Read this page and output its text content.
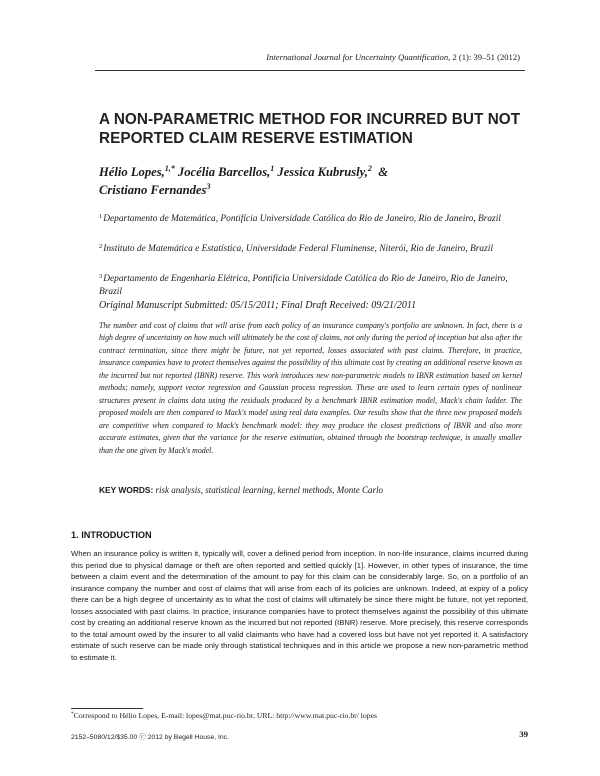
International Journal for Uncertainty Quantification, 2 (1): 39–51 (2012)
A NON-PARAMETRIC METHOD FOR INCURRED BUT NOT REPORTED CLAIM RESERVE ESTIMATION
Hélio Lopes,$^{1,*}$ Jocélia Barcellos,$^1$ Jessica Kubrusly,$^2$ &
Cristiano Fernandes$^3$
$^1$Departamento de Matemática, Pontifícia Universidade Católica do Rio de Janeiro, Rio de Janeiro, Brazil
$^2$Instituto de Matemática e Estatística, Universidade Federal Fluminense, Niterói, Rio de Janeiro, Brazil
$^3$Departamento de Engenharia Elétrica, Pontifícia Universidade Católica do Rio de Janeiro, Rio de Janeiro, Brazil
Original Manuscript Submitted: 05/15/2011; Final Draft Received: 09/21/2011
The number and cost of claims that will arise from each policy of an insurance company's portfolio are unknown. In fact, there is a high degree of uncertainty on how much will ultimately be the cost of claims, not only during the period of inception but also after the contract termination, since there might be future, not yet reported, losses associated with past claims. Therefore, in practice, insurance companies have to protect themselves against the possibility of this ultimate cost by creating an additional reserve known as the incurred but not reported (IBNR) reserve. This work introduces new non-parametric models to IBNR estimation based on kernel methods; namely, support vector regression and Gaussian process regression. These are used to learn certain types of nonlinear structures present in claims data using the residuals produced by a benchmark IBNR estimation model, Mack's chain ladder. The proposed models are then compared to Mack's model using real data examples. Our results show that the three new proposed models are competitive when compared to Mack's benchmark model: they may produce the closest predictions of IBNR and also more accurate estimates, given that the variance for the reserve estimation, obtained through the bootstrap technique, is usually smaller than the one given by Mack's model.
KEY WORDS: risk analysis, statistical learning, kernel methods, Monte Carlo
1. INTRODUCTION
When an insurance policy is written it, typically will, cover a defined period from inception. In non-life insurance, claims incurred during this period due to physical damage or theft are often reported and settled quickly [1]. However, in other types of insurance, the time between a claim event and the determination of the amount to pay for this claim can be considerably large. So, on a portfolio of an insurance company the number and cost of claims that will arise from each of its policies are unknown. Indeed, at expiry of a policy there can be a high degree of uncertainty as to what the cost of claims will ultimately be since there might be future, not yet reported, losses associated with past claims. In practice, insurance companies have to protect themselves against the possibility of this ultimate cost by creating an additional reserve known as the incurred but not reported (IBNR) reserve. More precisely, this reserve corresponds to the total amount owed by the insurer to all valid claimants who have had a covered loss but have not yet reported it. A satisfactory estimate of such reserve can be made only through statistical techniques and in this article we propose a new non-parametric method to estimate it.
*Correspond to Hélio Lopes, E-mail: lopes@mat.puc-rio.br, URL: http://www.mat.puc-rio.br/ lopes
2152–5080/12/$35.00 ⓒ 2012 by Begell House, Inc.	39
